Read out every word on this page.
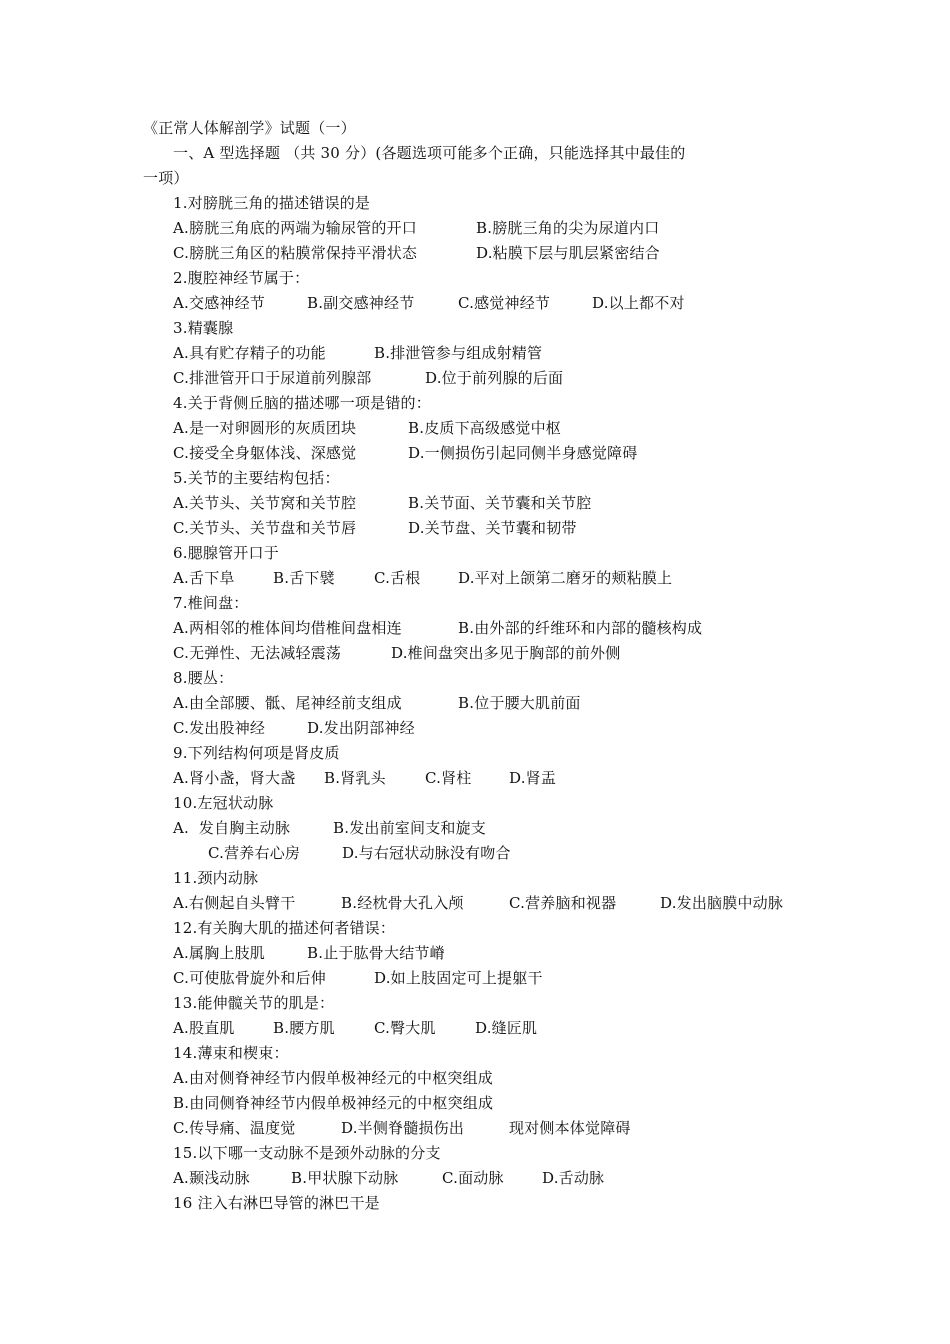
《正常人体解剖学》试题（一）
一、A 型选择题 （共 30 分）(各题选项可能多个正确，只能选择其中最佳的
一项）
1.对膀胱三角的描述错误的是

A.膀胱三角底的两端为输尿管的开口

	B.膀胱三角的尖为尿道内口

C.膀胱三角区的粘膜常保持平滑状态

	D.粘膜下层与肌层紧密结合

2.腹腔神经节属于：

A.交感神经节

	B.副交感神经节

	C.感觉神经节

	D.以上都不对

3.精囊腺

A.具有贮存精子的功能

	B.排泄管参与组成射精管

C.排泄管开口于尿道前列腺部

	D.位于前列腺的后面

4.关于背侧丘脑的描述哪一项是错的：

A.是一对卵圆形的灰质团块

	B.皮质下高级感觉中枢

C.接受全身躯体浅、深感觉

	D.一侧损伤引起同侧半身感觉障碍

5.关节的主要结构包括：

A.关节头、关节窝和关节腔

	B.关节面、关节囊和关节腔

C.关节头、关节盘和关节唇

	D.关节盘、关节囊和韧带

6.腮腺管开口于

A.舌下阜

	B.舌下襞

	C.舌根

D.平对上颌第二磨牙的颊粘膜上

7.椎间盘：

A.两相邻的椎体间均借椎间盘相连

	B.由外部的纤维环和内部的髓核构成

C.无弹性、无法减轻震荡

	D.椎间盘突出多见于胸部的前外侧

8.腰丛：

A.由全部腰、骶、尾神经前支组成

	B.位于腰大肌前面

C.发出股神经

	D.发出阴部神经

9.下列结构何项是肾皮质

A.肾小盏，肾大盏

B.肾乳头

	C.肾柱

D.肾盂

10.左冠状动脉

A.  发自胸主动脉

	B.发出前室间支和旋支

C.营养右心房

	D.与右冠状动脉没有吻合

11.颈内动脉

A.右侧起自头臂干

	B.经枕骨大孔入颅

	C.营养脑和视器

	D.发出脑膜中动脉

12.有关胸大肌的描述何者错误：

A.属胸上肢肌

	B.止于肱骨大结节嵴

C.可使肱骨旋外和后伸

	D.如上肢固定可上提躯干

13.能伸髋关节的肌是：

A.股直肌

	B.腰方肌

	C.臀大肌

	D.缝匠肌

14.薄束和楔束：
A.由对侧脊神经节内假单极神经元的中枢突组成
B.由同侧脊神经节内假单极神经元的中枢突组成

C.传导痛、温度觉

	D.半侧脊髓损伤出

	现对侧本体觉障碍

15.以下哪一支动脉不是颈外动脉的分支

A.颞浅动脉

	B.甲状腺下动脉

	C.面动脉

	D.舌动脉

16 注入右淋巴导管的淋巴干是
